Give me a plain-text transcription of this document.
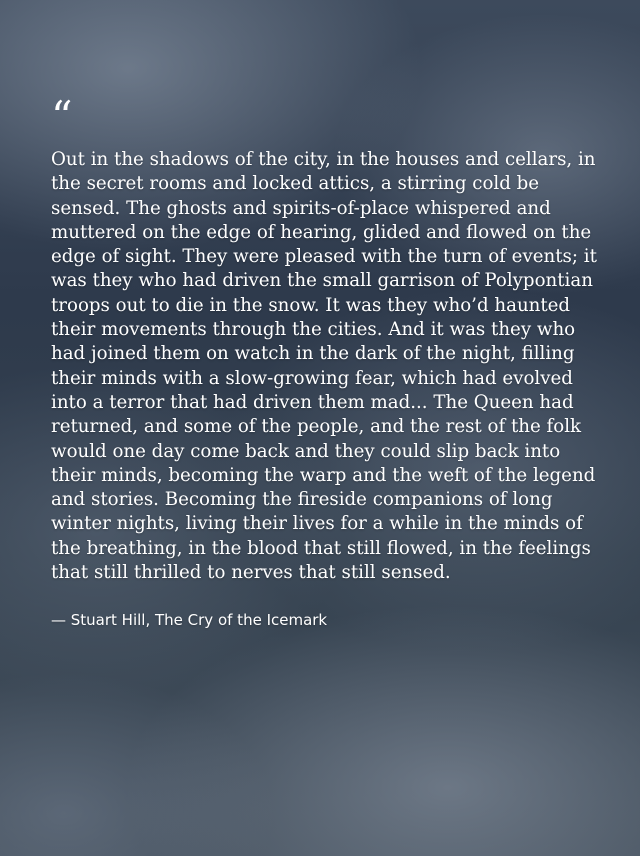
“

Out in the shadows of the city, in the houses and cellars, in the secret rooms and locked attics, a stirring cold be sensed. The ghosts and spirits-of-place whispered and muttered on the edge of hearing, glided and flowed on the edge of sight. They were pleased with the turn of events; it was they who had driven the small garrison of Polypontian troops out to die in the snow. It was they who’d haunted their movements through the cities. And it was they who had joined them on watch in the dark of the night, filling their minds with a slow-growing fear, which had evolved into a terror that had driven them mad... The Queen had returned, and some of the people, and the rest of the folk would one day come back and they could slip back into their minds, becoming the warp and the weft of the legend and stories. Becoming the fireside companions of long winter nights, living their lives for a while in the minds of the breathing, in the blood that still flowed, in the feelings that still thrilled to nerves that still sensed.

— Stuart Hill, The Cry of the Icemark
